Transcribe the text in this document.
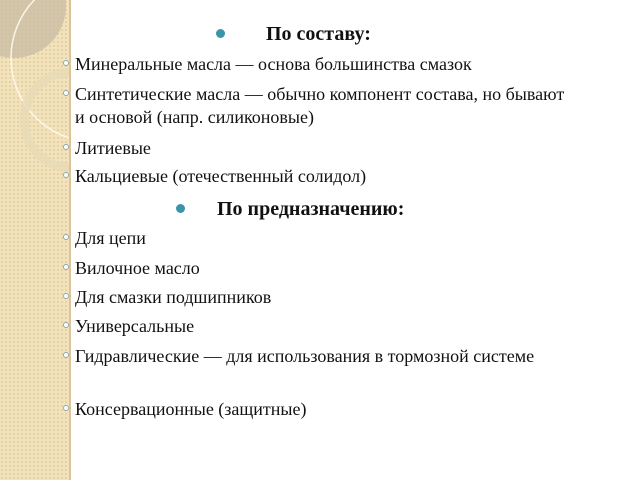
По составу:
Минеральные масла — основа большинства смазок
Синтетические масла — обычно компонент состава, но бывают и основой (напр. силиконовые)
Литиевые
Кальциевые (отечественный солидол)
По предназначению:
Для цепи
Вилочное масло
Для смазки подшипников
Универсальные
Гидравлические — для использования в тормозной системе
Консервационные (защитные)
